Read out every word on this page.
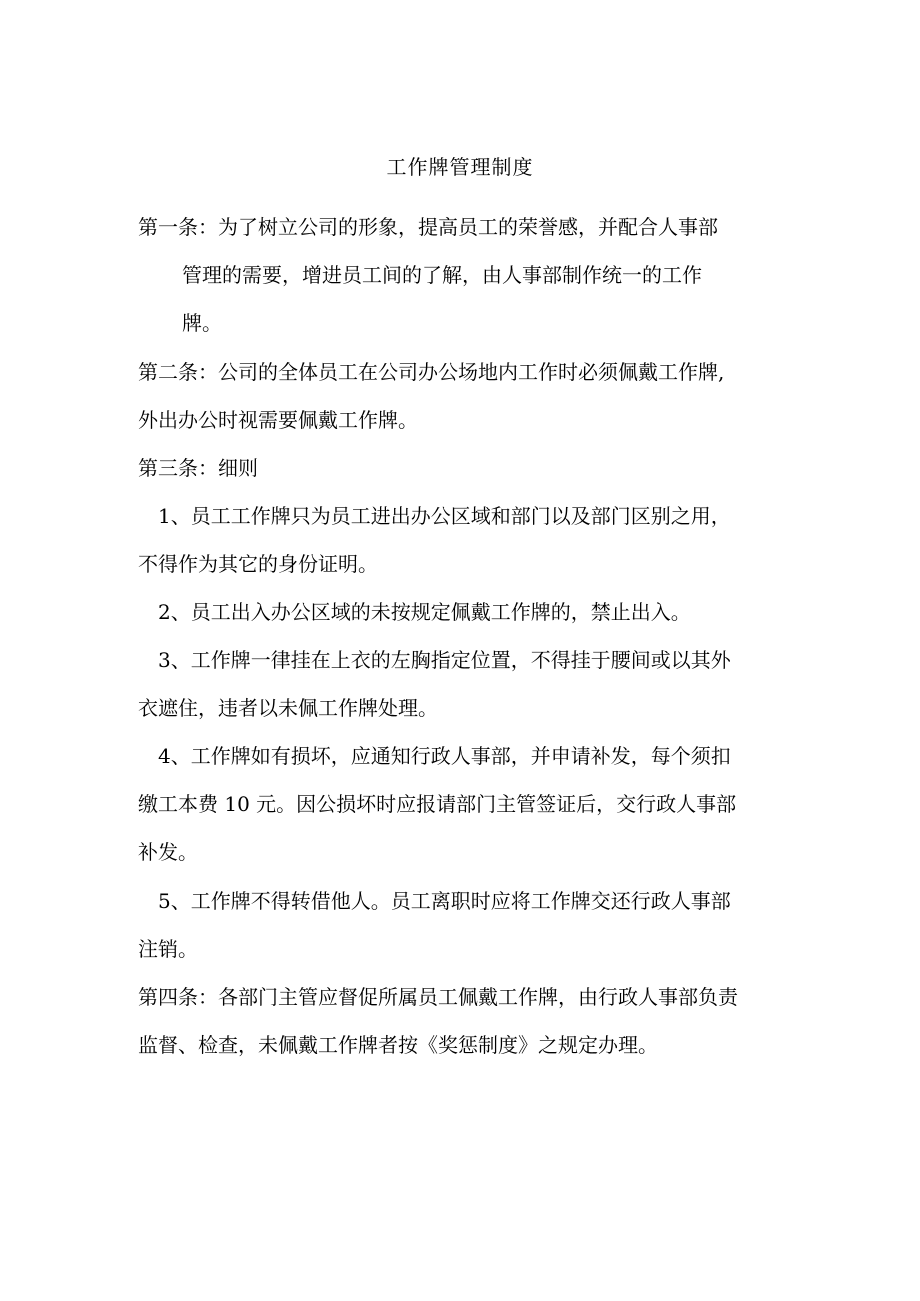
工作牌管理制度
第一条：为了树立公司的形象，提高员工的荣誉感，并配合人事部
管理的需要，增进员工间的了解，由人事部制作统一的工作
牌。
第二条：公司的全体员工在公司办公场地内工作时必须佩戴工作牌,
外出办公时视需要佩戴工作牌。
第三条：细则
1、员工工作牌只为员工进出办公区域和部门以及部门区别之用，
不得作为其它的身份证明。
2、员工出入办公区域的未按规定佩戴工作牌的，禁止出入。
3、工作牌一律挂在上衣的左胸指定位置，不得挂于腰间或以其外
衣遮住，违者以未佩工作牌处理。
4、工作牌如有损坏，应通知行政人事部，并申请补发，每个须扣
缴工本费 10 元。因公损坏时应报请部门主管签证后，交行政人事部
补发。
5、工作牌不得转借他人。员工离职时应将工作牌交还行政人事部
注销。
第四条：各部门主管应督促所属员工佩戴工作牌，由行政人事部负责
监督、检查，未佩戴工作牌者按《奖惩制度》之规定办理。
